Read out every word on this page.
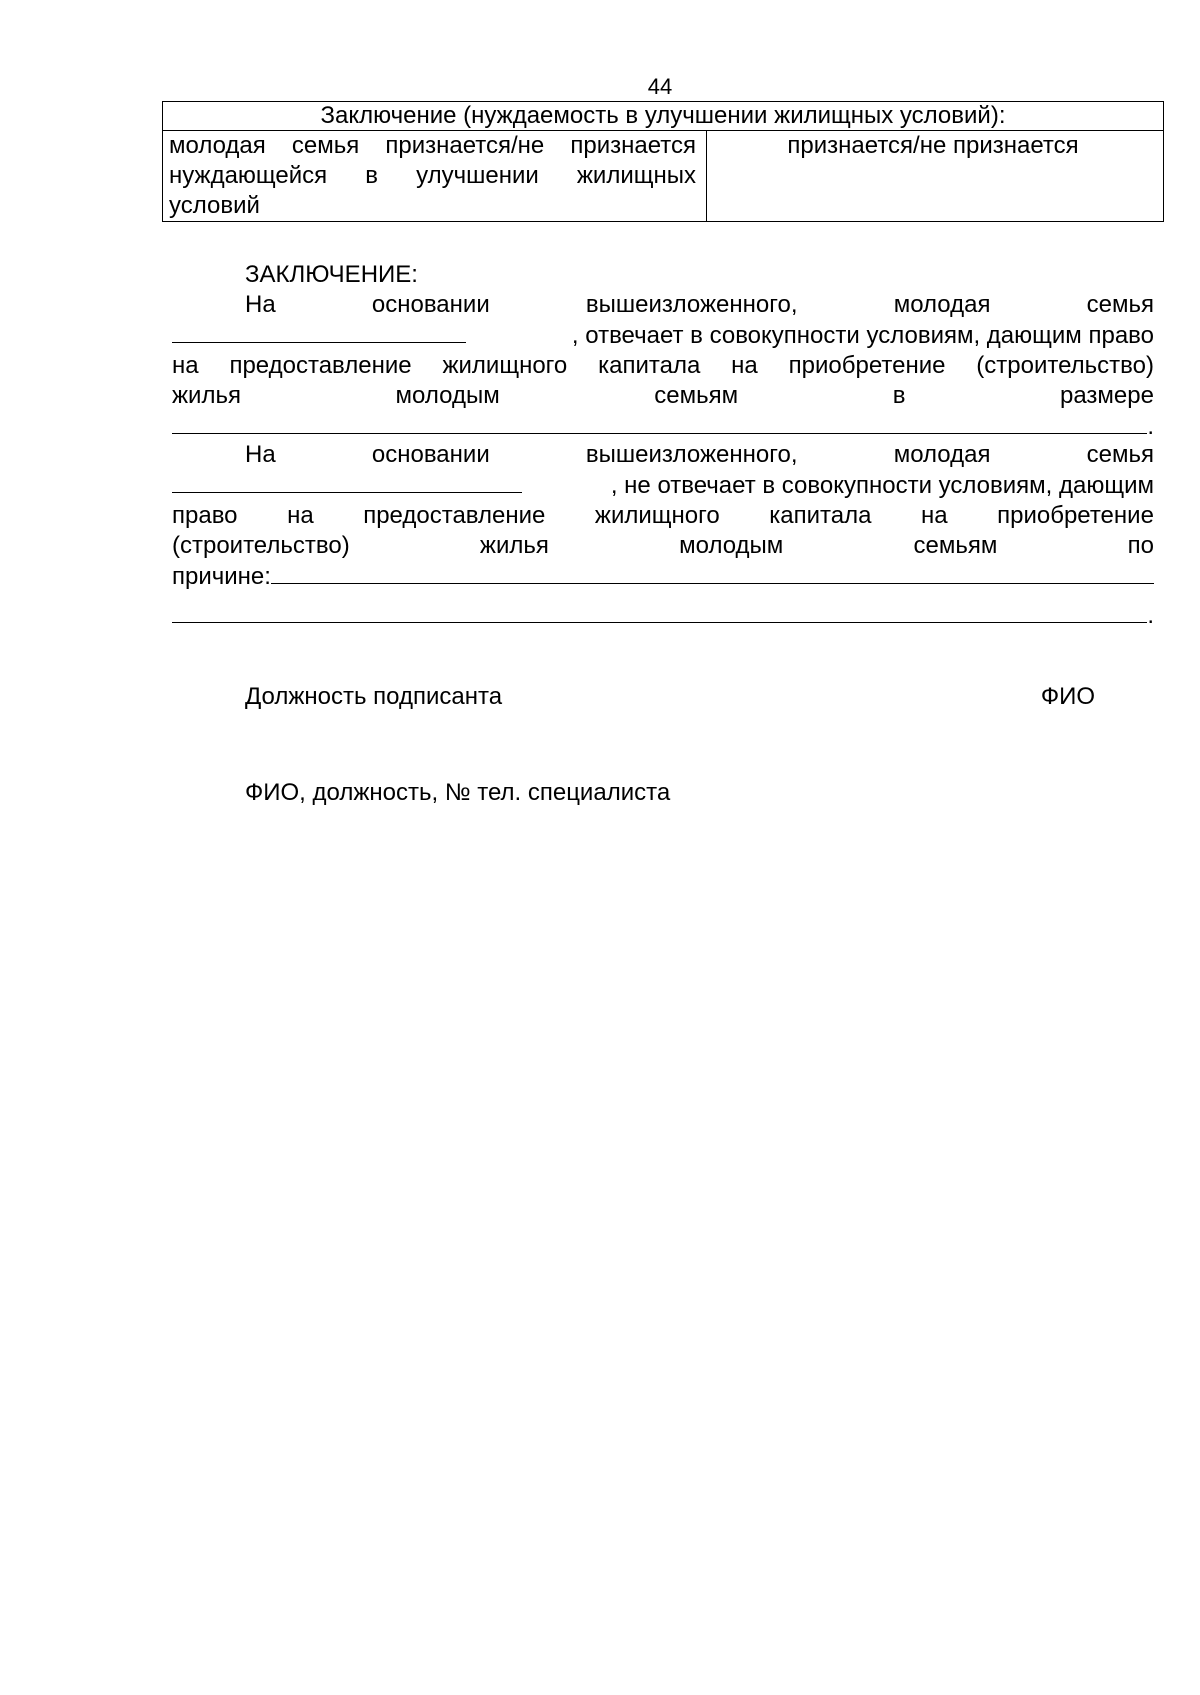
44
Заключение (нуждаемость в улучшении жилищных условий):
молодая семья признается/не признается нуждающейся в улучшении жилищных условий	признается/не признается
ЗАКЛЮЧЕНИЕ:
На	основании	вышеизложенного,	молодая	семья
, отвечает в совокупности условиям, дающим право
на предоставление жилищного капитала на приобретение (строительство)
жилья	молодым	семьям	в	размере
.
На	основании	вышеизложенного,	молодая	семья
, не отвечает в совокупности условиям, дающим
право на предоставление жилищного капитала на приобретение
(строительство)	жилья	молодым	семьям	по
причине:
.
Должность подписанта	ФИО
ФИО, должность, № тел. специалиста
